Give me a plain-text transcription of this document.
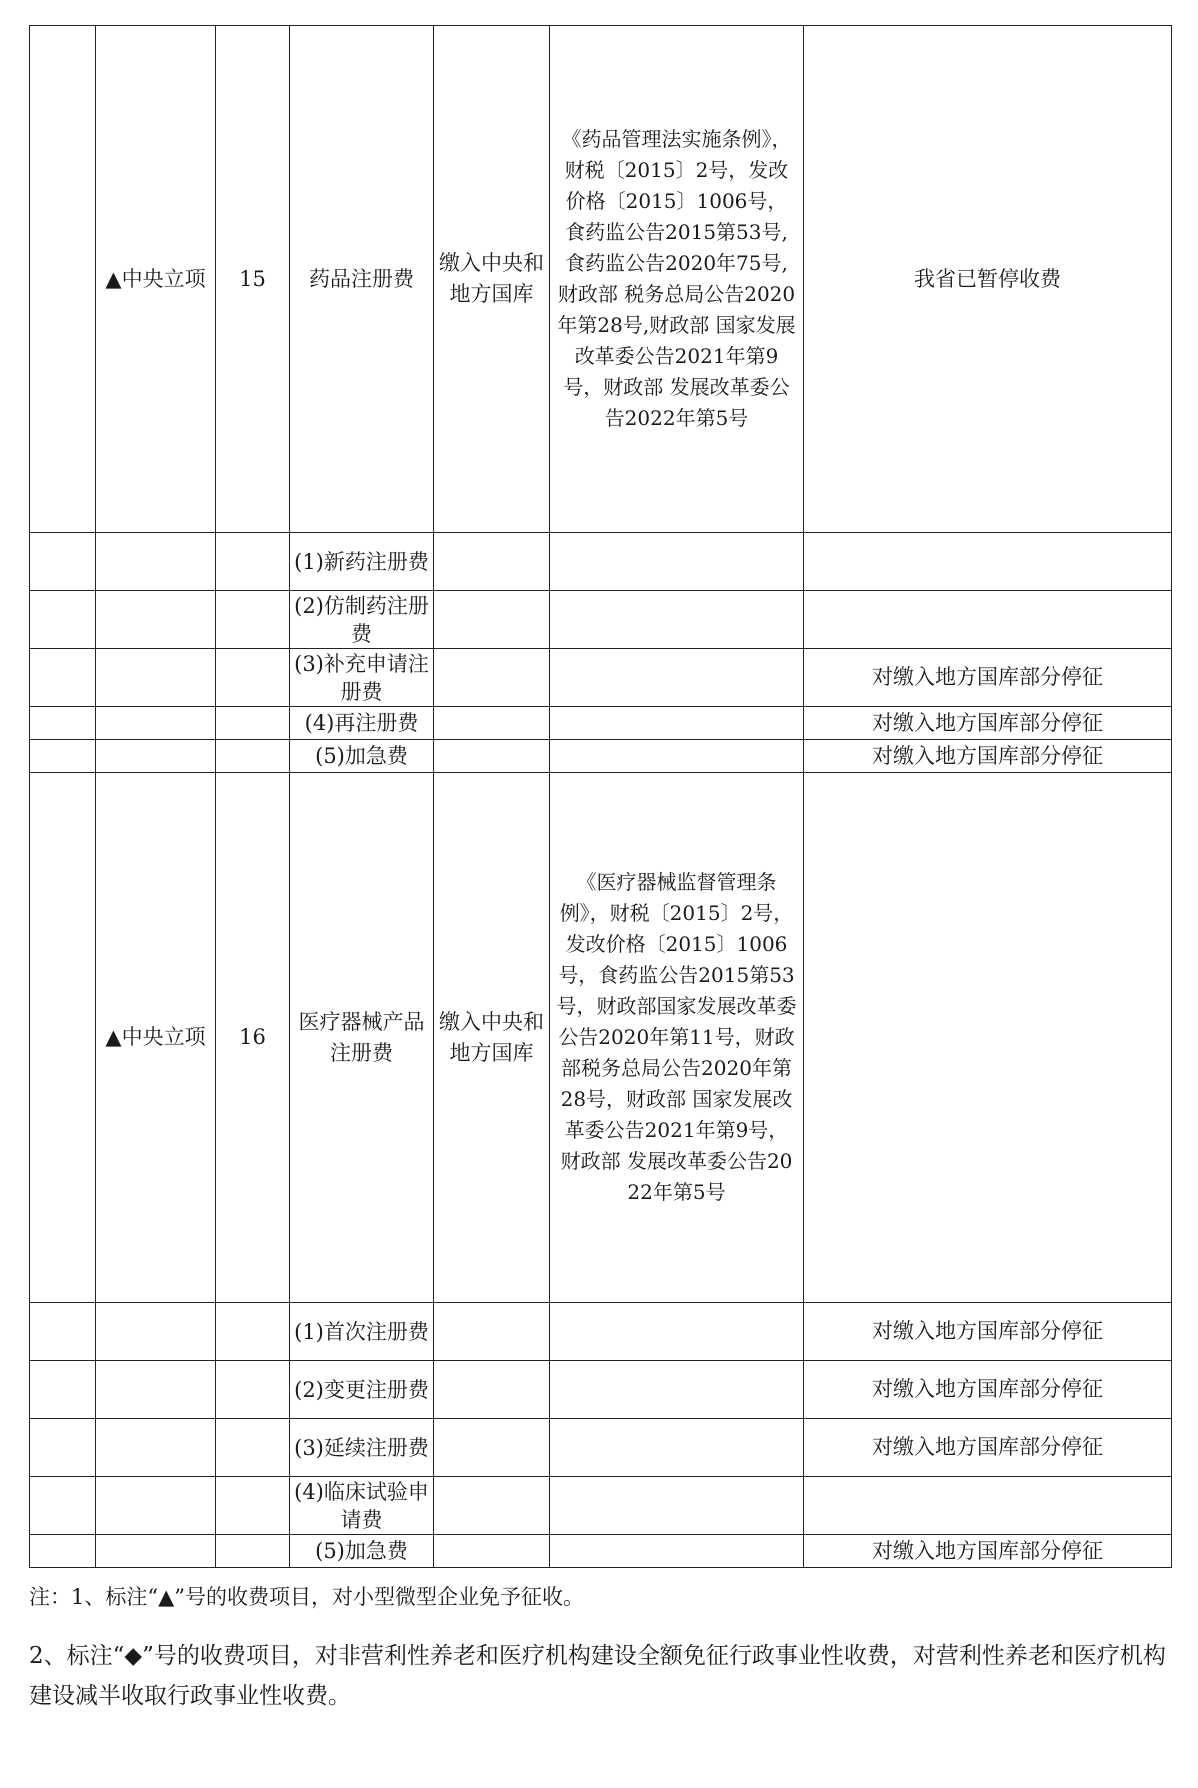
	▲中央立项	15	药品注册费	缴入中央和地方国库	《药品管理法实施条例》，财税〔2015〕2号，发改价格〔2015〕1006号，食药监公告2015第53号,食药监公告2020年75号,财政部 税务总局公告2020年第28号,财政部 国家发展改革委公告2021年第9号，财政部 发展改革委公告2022年第5号	我省已暂停收费
			(1)新药注册费			
			(2)仿制药注册费			
			(3)补充申请注册费			对缴入地方国库部分停征
			(4)再注册费			对缴入地方国库部分停征
			(5)加急费			对缴入地方国库部分停征
	▲中央立项	16	医疗器械产品注册费	缴入中央和地方国库	《医疗器械监督管理条例》，财税〔2015〕2号，发改价格〔2015〕1006号，食药监公告2015第53号，财政部国家发展改革委公告2020年第11号，财政部税务总局公告2020年第28号，财政部 国家发展改革委公告2021年第9号，财政部 发展改革委公告2022年第5号	
			(1)首次注册费			对缴入地方国库部分停征
			(2)变更注册费			对缴入地方国库部分停征
			(3)延续注册费			对缴入地方国库部分停征
			(4)临床试验申请费			
			(5)加急费			对缴入地方国库部分停征
注：1、标注“▲”号的收费项目，对小型微型企业免予征收。
2、标注“◆”号的收费项目，对非营利性养老和医疗机构建设全额免征行政事业性收费，对营利性养老和医疗机构建设减半收取行政事业性收费。
